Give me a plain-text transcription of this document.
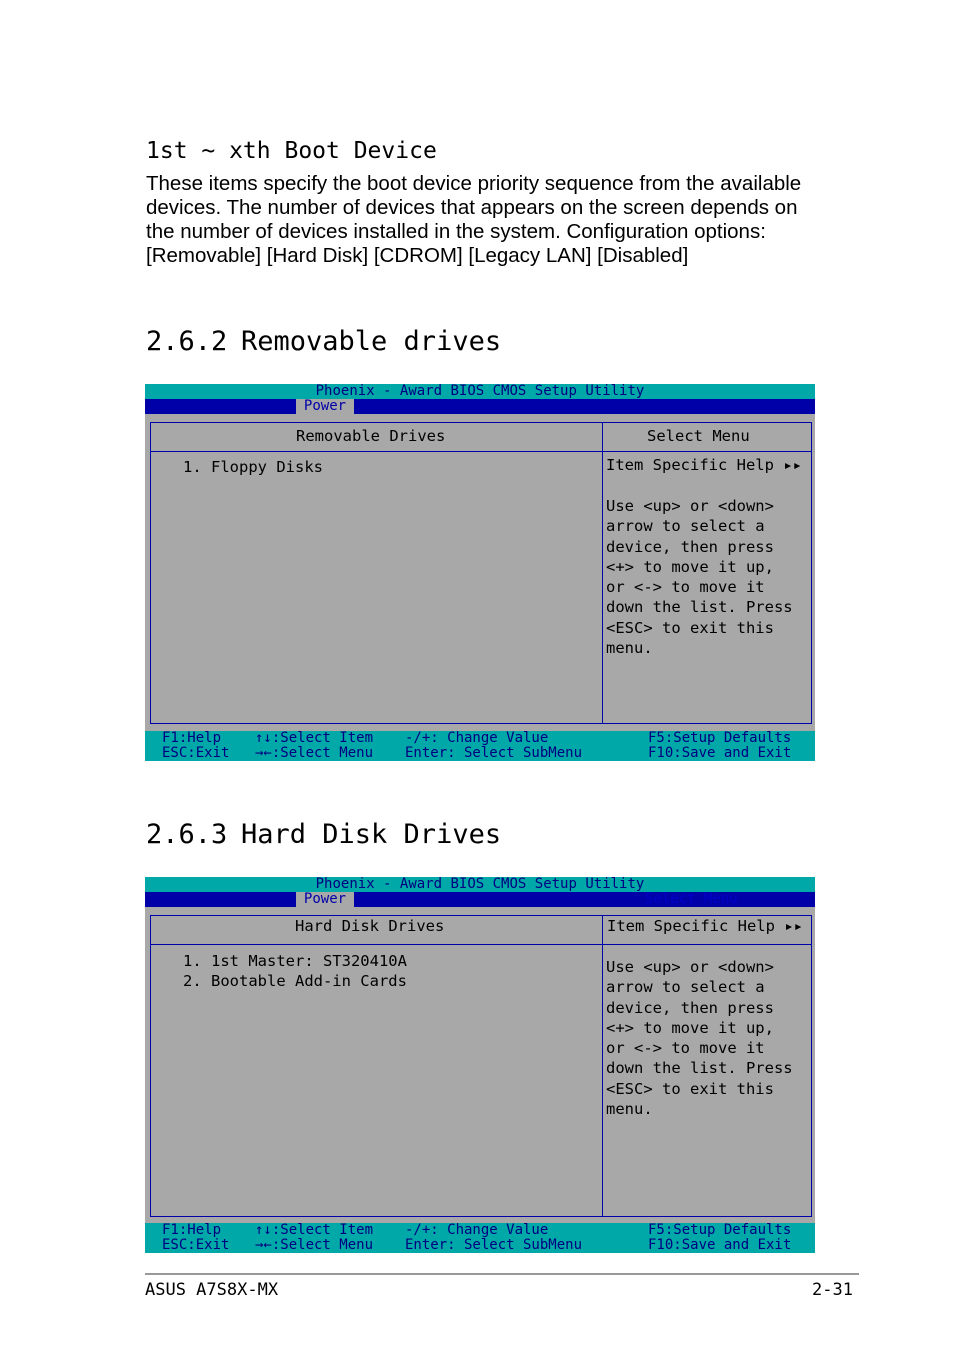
1st ~ xth Boot Device
These items specify the boot device priority sequence from the available devices. The number of devices that appears on the screen depends on the number of devices installed in the system. Configuration options: [Removable] [Hard Disk] [CDROM] [Legacy LAN] [Disabled]
2.6.2 Removable drives
Phoenix - Award BIOS CMOS Setup Utility
Power
Removable Drives	Select Menu
1. Floppy Disks	Item Specific Help ▸▸
Use <up> or <down>
arrow to select a
device, then press
<+> to move it up,
or <-> to move it
down the list. Press
<ESC> to exit this
menu.
F1:Help
ESC:Exit
↑↓:Select Item
→←:Select Menu
-/+: Change Value
Enter: Select SubMenu
F5:Setup Defaults
F10:Save and Exit
2.6.3 Hard Disk Drives
Phoenix - Award BIOS CMOS Setup Utility
Power	Select Menu
Hard Disk Drives	Item Specific Help ▸▸
1. 1st Master: ST320410A
2. Bootable Add-in Cards
Use <up> or <down>
arrow to select a
device, then press
<+> to move it up,
or <-> to move it
down the list. Press
<ESC> to exit this
menu.
F1:Help
ESC:Exit
↑↓:Select Item
→←:Select Menu
-/+: Change Value
Enter: Select SubMenu
F5:Setup Defaults
F10:Save and Exit
ASUS A7S8X-MX	2-31
